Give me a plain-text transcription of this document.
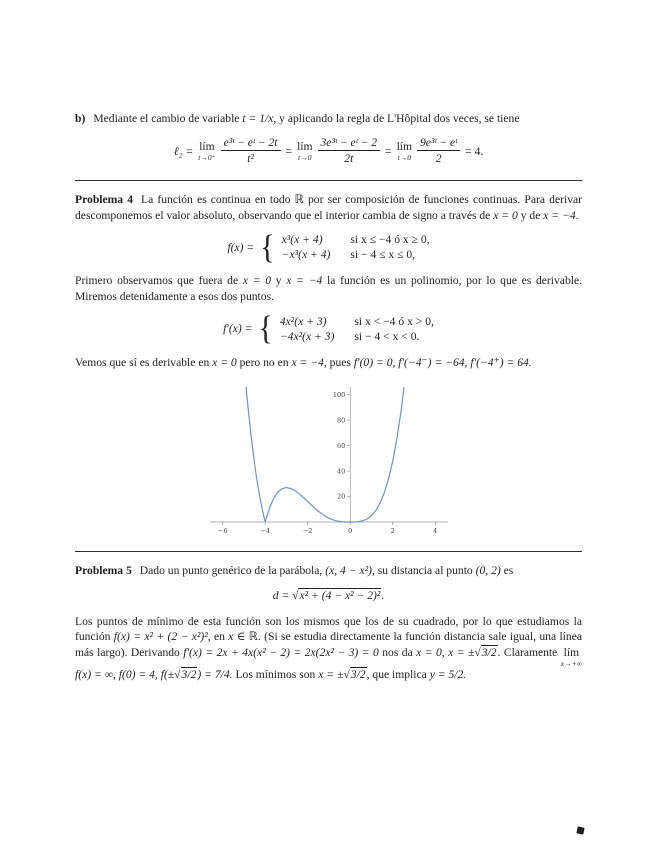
b) Mediante el cambio de variable t = 1/x, y aplicando la regla de L'Hôpital dos veces, se tiene

ℓ₂ = lím
$t\to 0^+ \frac{\text{e³ᵗ − eᵗ − 2t}}{\text{t²}}$ = lím
$t\to 0 \frac{\text{3e³ᵗ − eᵗ − 2}}{2t}$ = lím
$t\to 0 \frac{\text{9e³ᵗ − eᵗ}}{2} = 4$.

Problema 4 La función es continua en todo ℝ por ser composición de funciones continuas. Para derivar descomponemos el valor absoluto, observando que el interior cambia de signo a través de x = 0 y de x = −4.

f(x) = { x³(x + 4)	si x ≤ −4 ó x ≥ 0,
−x³(x + 4) si − 4 ≤ x ≤ 0,

Primero observamos que fuera de x = 0 y x = −4 la función es un polinomio, por lo que es derivable. Miremos detenidamente a esos dos puntos.

f′(x) = { 4x²(x + 3)	si x < −4 ó x > 0,
−4x²(x + 3) si − 4 < x < 0.

Vemos que sí es derivable en x = 0 pero no en x = −4, pues f′(0) = 0, f′(−4⁻) = −64, f′(−4⁺) = 64.

−6	−4	−2	0	2	4
20
40
60
80
100

Problema 5 Dado un punto genérico de la parábola, (x, 4 − x²), su distancia al punto (0, 2) es

d = √ x² + (4 − x² − 2)² .

Los puntos de mínimo de esta función son los mismos que los de su cuadrado, por lo que estudiamos la función f(x) = x² + (2 − x²)², en x ∈ ℝ. (Si se estudia directamente la función distancia sale igual, una línea más largo). Derivando f′(x) = 2x + 4x(x² − 2) = 2x(2x² − 3) = 0 nos da x = 0, x = ±√3/2. Claramente lím
x→+∞
f(x) = ∞, f(0) = 4, f(±√3/2) = 7/4. Los mínimos son x = ±√3/2, que implica y = 5/2.
